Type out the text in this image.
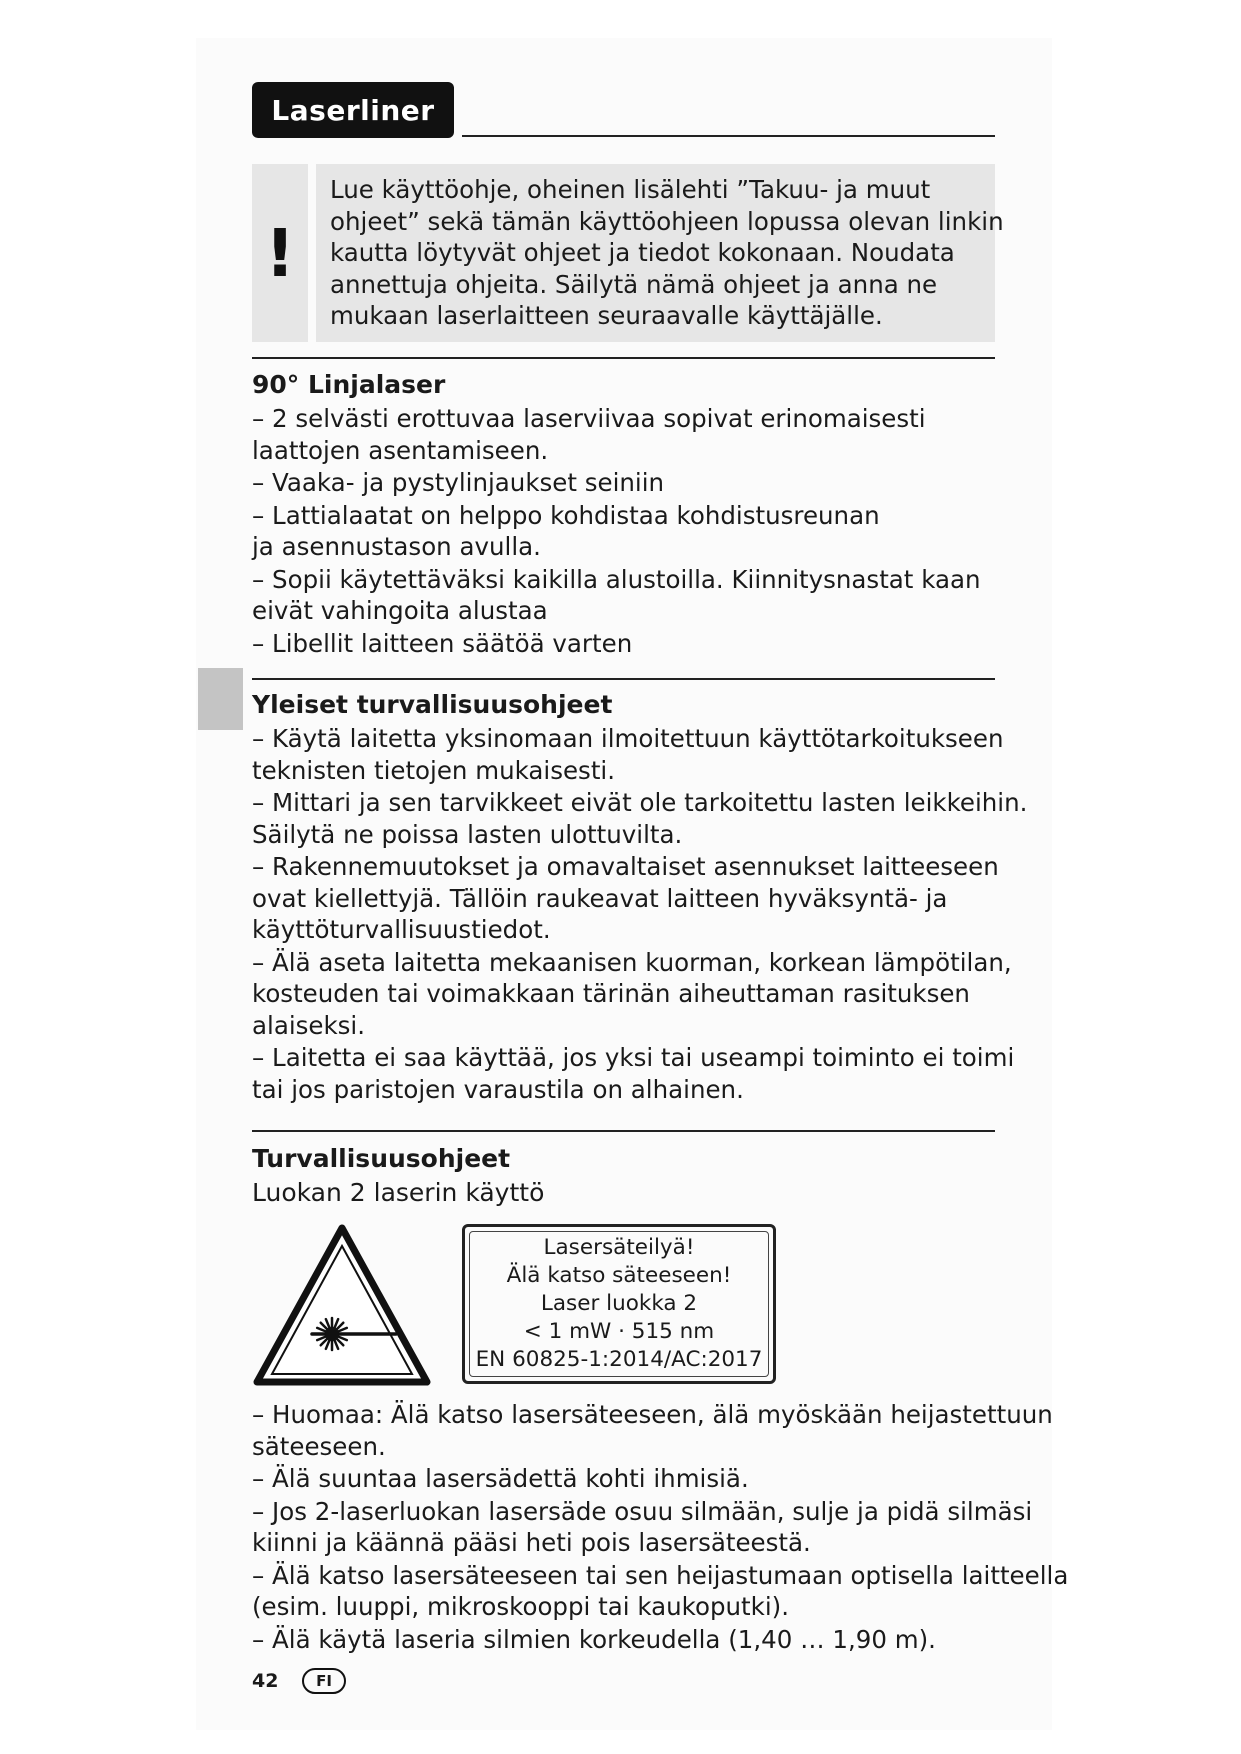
Laserliner
!
Lue käyttöohje, oheinen lisälehti ”Takuu- ja muut
ohjeet” sekä tämän käyttöohjeen lopussa olevan linkin
kautta löytyvät ohjeet ja tiedot kokonaan. Noudata
annettuja ohjeita. Säilytä nämä ohjeet ja anna ne
mukaan laserlaitteen seuraavalle käyttäjälle.
90° Linjalaser
– 2 selvästi erottuvaa laserviivaa sopivat erinomaisesti
laattojen asentamiseen.
– Vaaka- ja pystylinjaukset seiniin
– Lattialaatat on helppo kohdistaa kohdistusreunan
ja asennustason avulla.
– Sopii käytettäväksi kaikilla alustoilla. Kiinnitysnastat kaan
eivät vahingoita alustaa
– Libellit laitteen säätöä varten
Yleiset turvallisuusohjeet
– Käytä laitetta yksinomaan ilmoitettuun käyttötarkoitukseen
teknisten tietojen mukaisesti.
– Mittari ja sen tarvikkeet eivät ole tarkoitettu lasten leikkeihin.
Säilytä ne poissa lasten ulottuvilta.
– Rakennemuutokset ja omavaltaiset asennukset laitteeseen
ovat kiellettyjä. Tällöin raukeavat laitteen hyväksyntä- ja
käyttöturvallisuustiedot.
– Älä aseta laitetta mekaanisen kuorman, korkean lämpötilan,
kosteuden tai voimakkaan tärinän aiheuttaman rasituksen
alaiseksi.
– Laitetta ei saa käyttää, jos yksi tai useampi toiminto ei toimi
tai jos paristojen varaustila on alhainen.
Turvallisuusohjeet
Luokan 2 laserin käyttö
Lasersäteilyä!
Älä katso säteeseen!
Laser luokka 2
< 1 mW · 515 nm
EN 60825-1:2014/AC:2017
– Huomaa: Älä katso lasersäteeseen, älä myöskään heijastettuun
säteeseen.
– Älä suuntaa lasersädettä kohti ihmisiä.
– Jos 2-laserluokan lasersäde osuu silmään, sulje ja pidä silmäsi
kiinni ja käännä pääsi heti pois lasersäteestä.
– Älä katso lasersäteeseen tai sen heijastumaan optisella laitteella
(esim. luuppi, mikroskooppi tai kaukoputki).
– Älä käytä laseria silmien korkeudella (1,40 … 1,90 m).
42	FI
